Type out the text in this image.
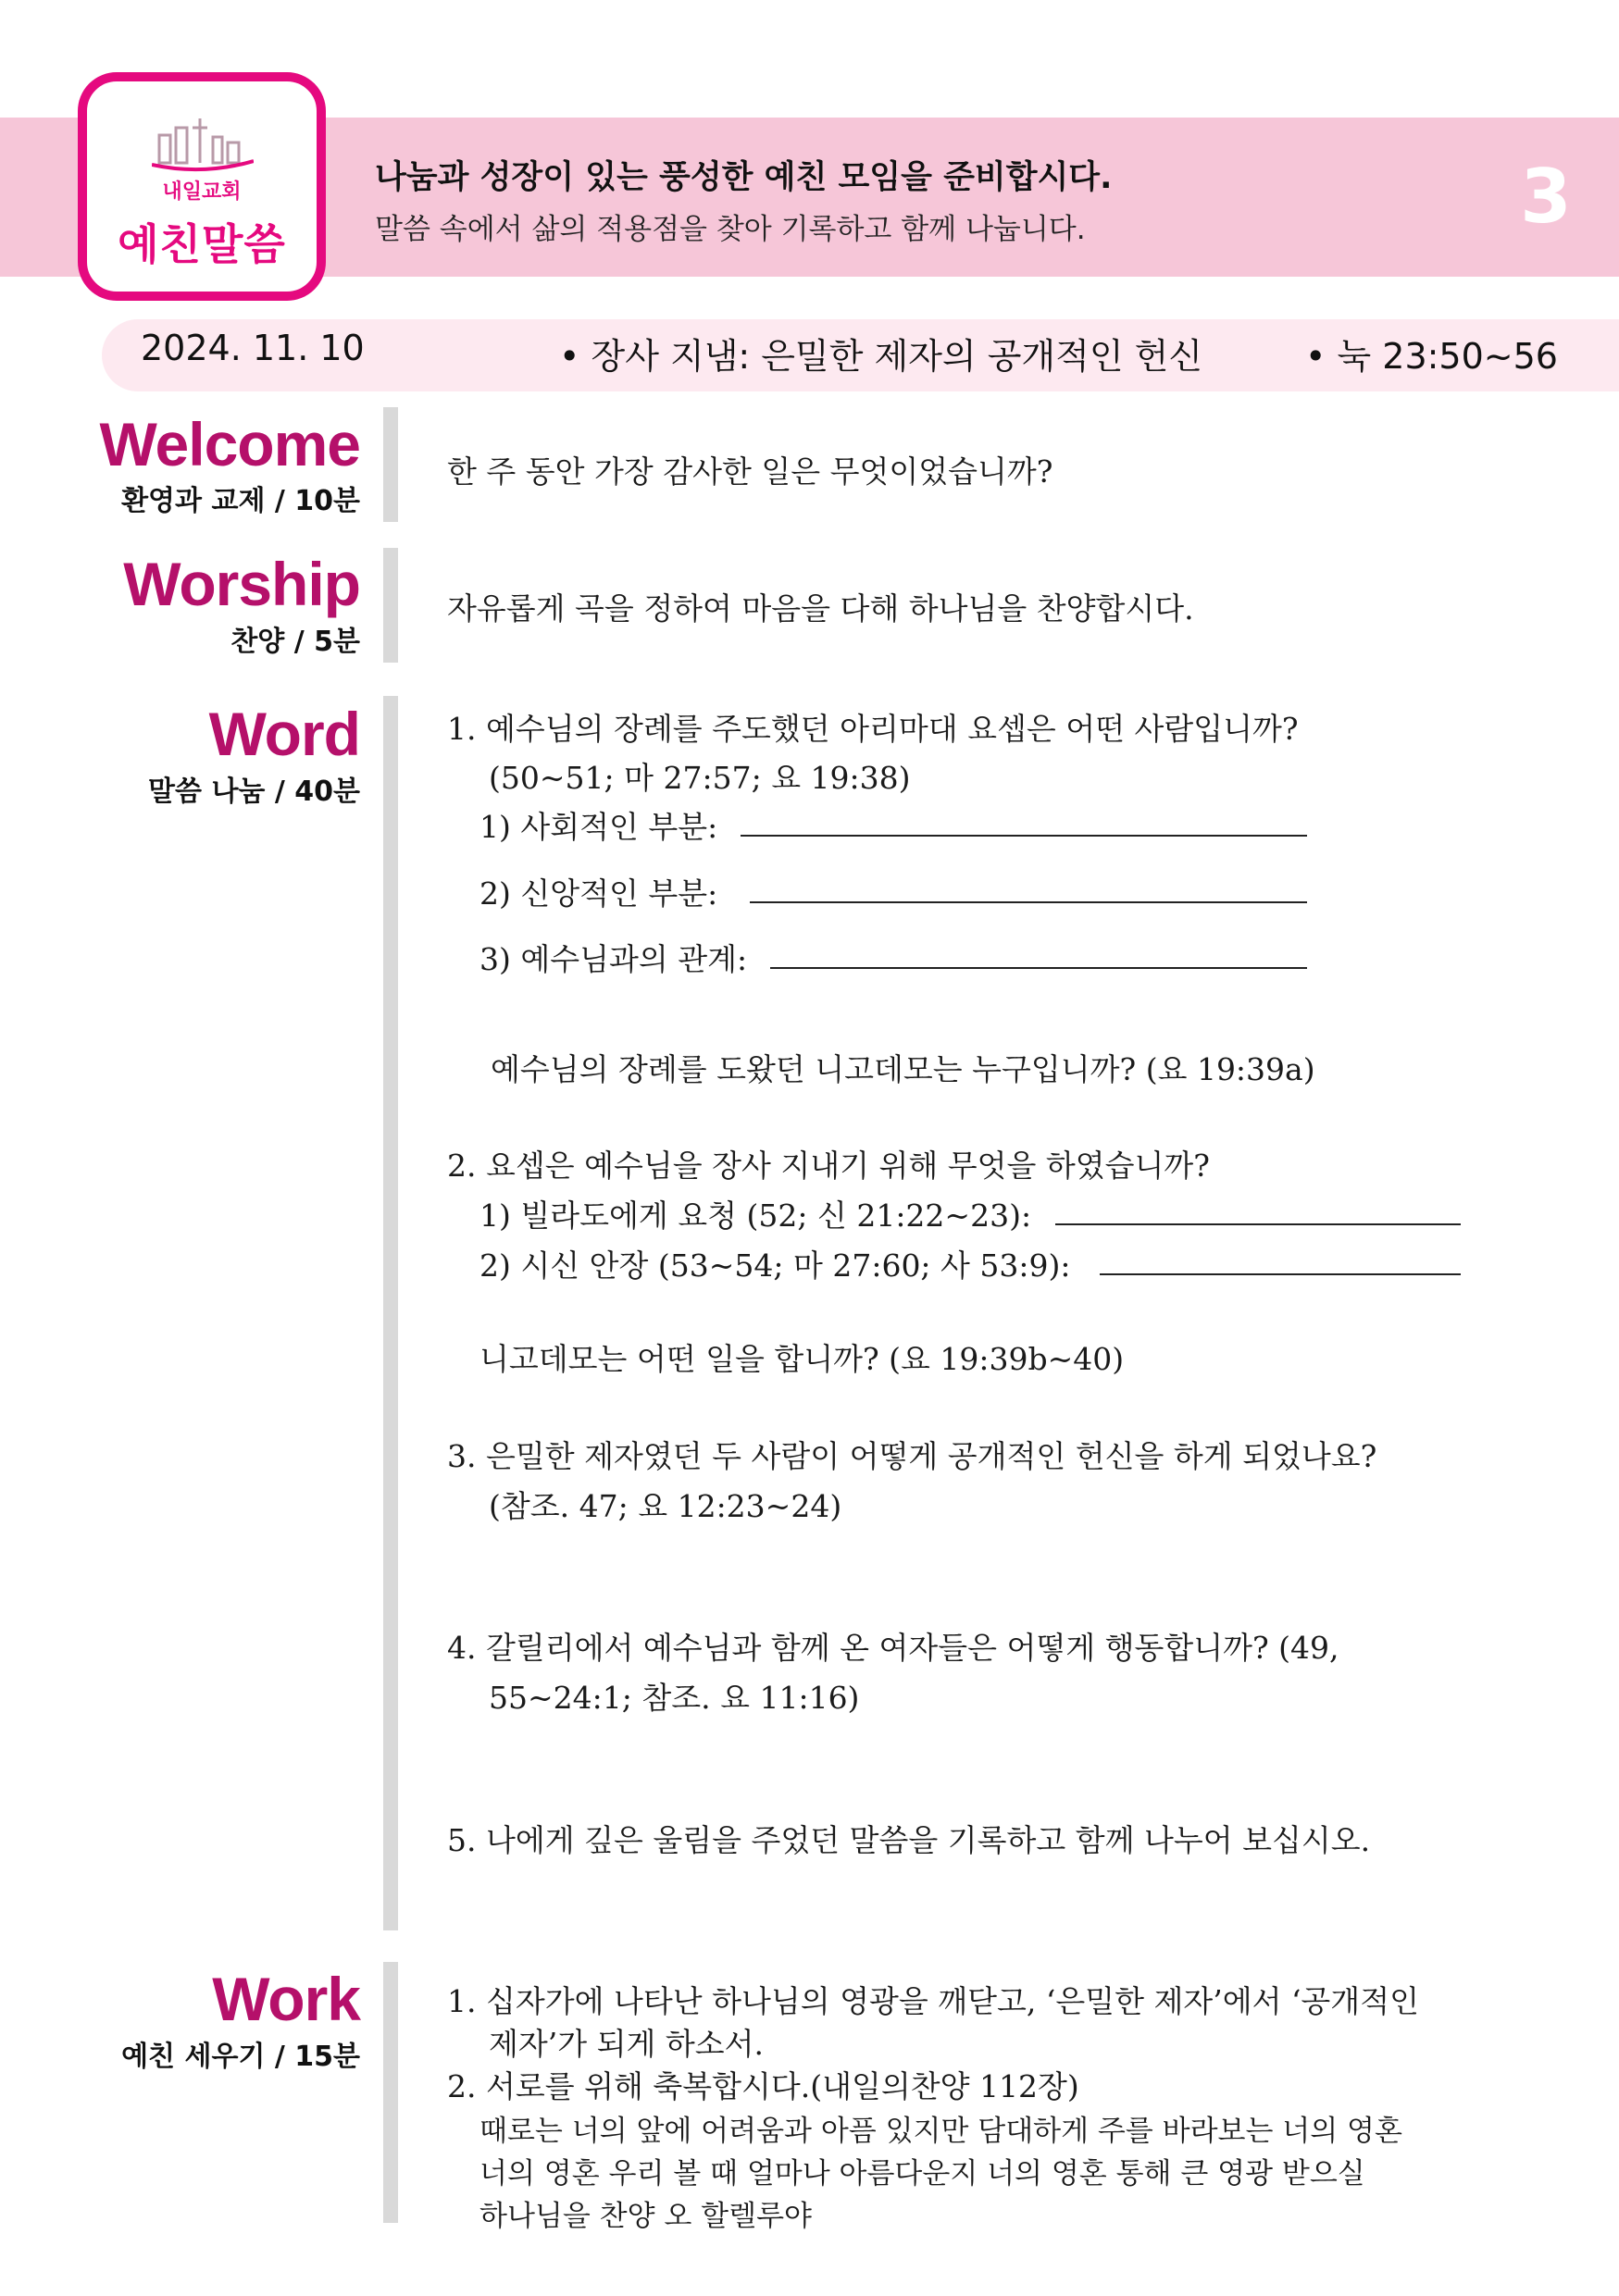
내일교회
예친말씀
나눔과 성장이 있는 풍성한 예친 모임을 준비합시다.
말씀 속에서 삶의 적용점을 찾아 기록하고 함께 나눕니다.	3
2024. 11. 10	• 장사 지냄: 은밀한 제자의 공개적인 헌신	• 눅 23:50~56
Welcome
환영과 교제 / 10분
한 주 동안 가장 감사한 일은 무엇이었습니까?
Worship
찬양 / 5분
자유롭게 곡을 정하여 마음을 다해 하나님을 찬양합시다.
Word
말씀 나눔 / 40분
1. 예수님의 장례를 주도했던 아리마대 요셉은 어떤 사람입니까?
(50~51; 마 27:57; 요 19:38)
1) 사회적인 부분:
2) 신앙적인 부분:
3) 예수님과의 관계:
예수님의 장례를 도왔던 니고데모는 누구입니까? (요 19:39a)
2. 요셉은 예수님을 장사 지내기 위해 무엇을 하였습니까?
1) 빌라도에게 요청 (52; 신 21:22~23):
2) 시신 안장 (53~54; 마 27:60; 사 53:9):
니고데모는 어떤 일을 합니까? (요 19:39b~40)
3. 은밀한 제자였던 두 사람이 어떻게 공개적인 헌신을 하게 되었나요?
(참조. 47; 요 12:23~24)
4. 갈릴리에서 예수님과 함께 온 여자들은 어떻게 행동합니까? (49,
55~24:1; 참조. 요 11:16)
5. 나에게 깊은 울림을 주었던 말씀을 기록하고 함께 나누어 보십시오.
Work
예친 세우기 / 15분
1. 십자가에 나타난 하나님의 영광을 깨닫고, ‘은밀한 제자’에서 ‘공개적인
제자’가 되게 하소서.
2. 서로를 위해 축복합시다.(내일의찬양 112장)
때로는 너의 앞에 어려움과 아픔 있지만 담대하게 주를 바라보는 너의 영혼
너의 영혼 우리 볼 때 얼마나 아름다운지 너의 영혼 통해 큰 영광 받으실
하나님을 찬양 오 할렐루야
